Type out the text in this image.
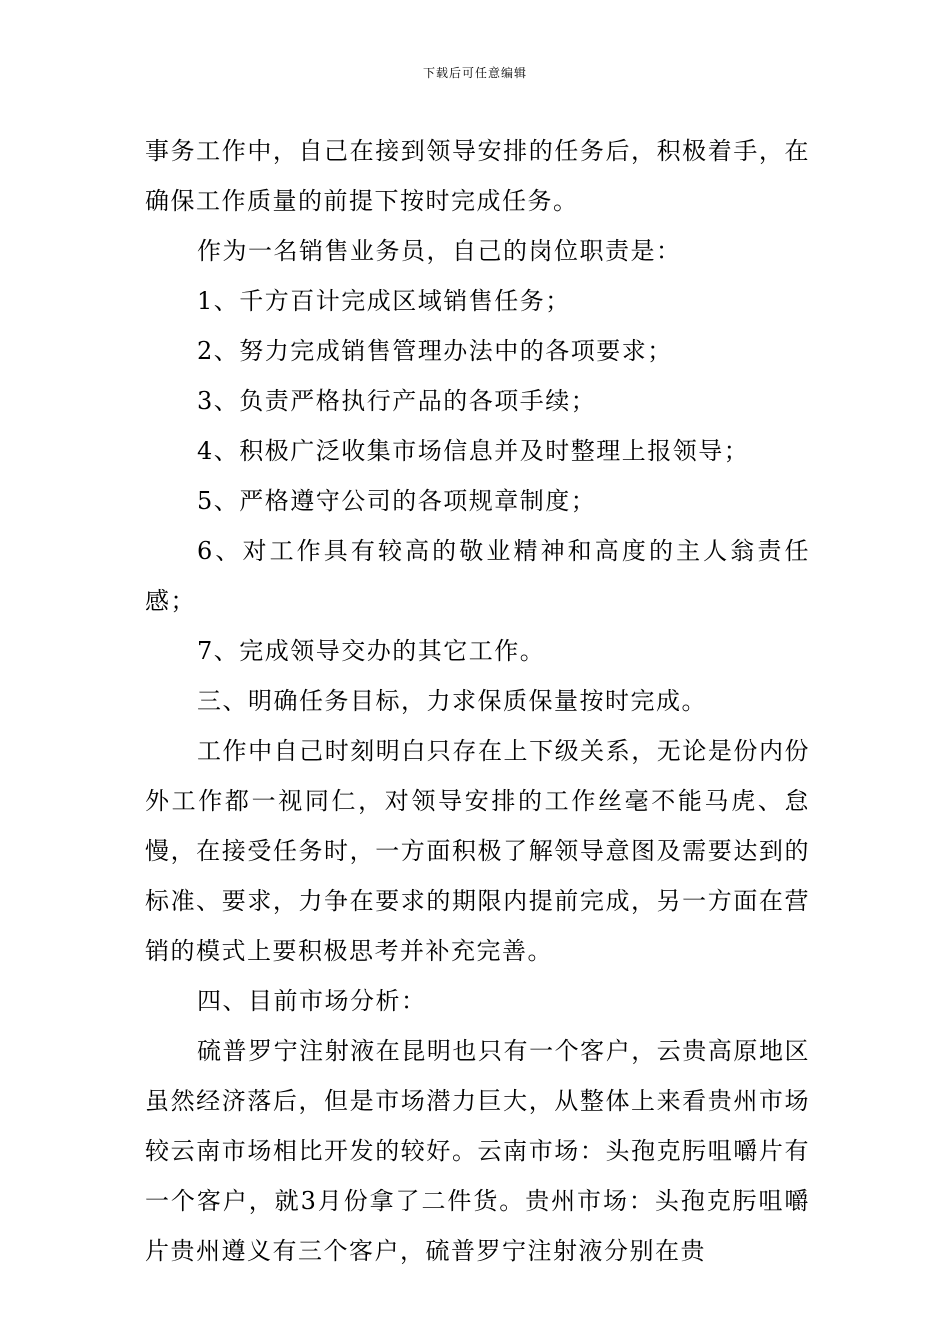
下载后可任意编辑

事务工作中，自己在接到领导安排的任务后，积极着手，在确保工作质量的前提下按时完成任务。

作为一名销售业务员，自己的岗位职责是：

1、千方百计完成区域销售任务；

2、努力完成销售管理办法中的各项要求；

3、负责严格执行产品的各项手续；

4、积极广泛收集市场信息并及时整理上报领导；

5、严格遵守公司的各项规章制度；

6、对工作具有较高的敬业精神和高度的主人翁责任感；

7、完成领导交办的其它工作。

三、明确任务目标，力求保质保量按时完成。

工作中自己时刻明白只存在上下级关系，无论是份内份外工作都一视同仁，对领导安排的工作丝毫不能马虎、怠慢，在接受任务时，一方面积极了解领导意图及需要达到的标准、要求，力争在要求的期限内提前完成，另一方面在营销的模式上要积极思考并补充完善。

四、目前市场分析：

硫普罗宁注射液在昆明也只有一个客户，云贵高原地区虽然经济落后，但是市场潜力巨大，从整体上来看贵州市场较云南市场相比开发的较好。云南市场：头孢克肟咀嚼片有一个客户，就3月份拿了二件货。贵州市场：头孢克肟咀嚼片贵州遵义有三个客户，硫普罗宁注射液分别在贵
